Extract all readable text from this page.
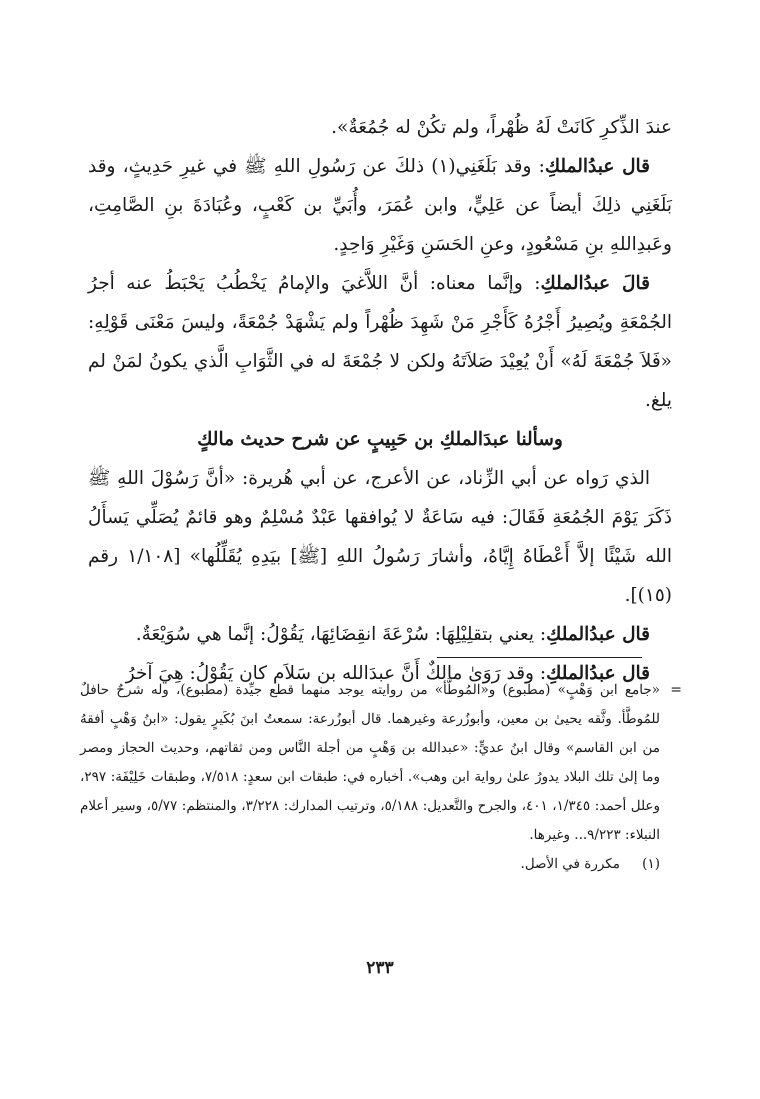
عندَ الذِّكرِ كَانَتْ لَهُ ظُهْراً، ولم تكُنْ له جُمُعَةٌ».

قال عبدُالملكِ: وقد بَلَغَنِي(١) ذلكَ عن رَسُولِ اللهِ ﷺ في غيرِ حَدِيثٍ، وقد بَلَغَنِي ذلِكَ أيضاً عن عَلِيٍّ، وابن عُمَرَ، وأُبَيِّ بن كَعْبٍ، وعُبَادَةَ بنِ الصَّامِتِ، وعَبدِاللهِ بنِ مَسْعُودٍ، وعنِ الحَسَنِ وَغَيْرِ وَاحِدٍ.

قالَ عبدُالملكِ: وإنَّما معناه: أنَّ اللاَّغيَ والإمامُ يَخْطُبُ يَحْبَطُ عنه أجرُ الجُمْعَةِ ويُصِيرُ أَجْرُهُ كَأَجْرِ مَنْ شَهِدَ ظُهْراً ولم يَشْهَدْ جُمْعَةً، وليسَ مَعْنَى قَوْلِهِ: «فَلاَ جُمْعَةَ لَهُ» أَنْ يُعِيْدَ صَلاَتَهُ ولكن لا جُمْعَةَ له في الثَّوَابِ الَّذي يكونُ لمَنْ لم يلغ.

وسألنا عبدَالملكِ بن حَبِيبٍ عن شرح حديث مالكٍ

الذي رَواه عن أبي الزِّناد، عن الأعرج، عن أبي هُريرة: «أنَّ رَسُوْلَ اللهِ ﷺ ذَكَرَ يَوْمَ الجُمُعَةِ فَقَالَ: فيه سَاعَةٌ لا يُوافقها عَبْدٌ مُسْلِمٌ وهو قائمٌ يُصَلِّي يَسأَلُ الله شَيْئًا إلاَّ أَعْطَاهُ إِيَّاهُ، وأشارَ رَسُولُ اللهِ [ﷺ] بيَدِهِ يُقَلِّلُها» [١/١٠٨ رقم (١٥)].

قال عبدُالملكِ: يعني بتقلِيْلِهَا: سُرْعَةَ انقِضَائِهَا، يَقُوْلُ: إنَّما هي سُوَيْعَةٌ.

قال عبدُالملكِ: وقد رَوَىٰ مالكٌ أَنَّ عبدَالله بن سَلاَم كان يَقُوْلُ: هِيَ آخرُ

=

«جامع ابن وَهْبٍ» (مطبوع) و«المُوطَّأ» من روايته يوجد منهما قطع جيِّدة (مطبوع)، وله شرحٌ حافلٌ للمُوطَّأ. وثَّقه يحيىٰ بن معين، وأبوزُرعة وغيرهما. قال أبوزُرعة: سمعتُ ابنَ بُكَيرٍ يقول: «ابنُ وَهْبٍ أفقهُ من ابن القاسم» وقال ابنُ عديٍّ: «عبدالله بن وَهْبٍ من أجلة النَّاس ومن ثقاتهم، وحديث الحجاز ومصر وما إلىٰ تلك البلاد يدورُ علىٰ رواية ابن وهب». أخباره في: طبقات ابن سعدٍ: ٧/٥١٨، وطبقات خَلِيْفَة: ٢٩٧، وعلل أحمد: ١/٣٤٥، ٤٠١، والجرح والتَّعديل: ٥/١٨٨، وترتيب المدارك: ٣/٢٢٨، والمنتظم: ٥/٧٧، وسير أعلام النبلاء: ٩/٢٢٣... وغيرها.

(١)
مكررة في الأصل.
٢٣٣
